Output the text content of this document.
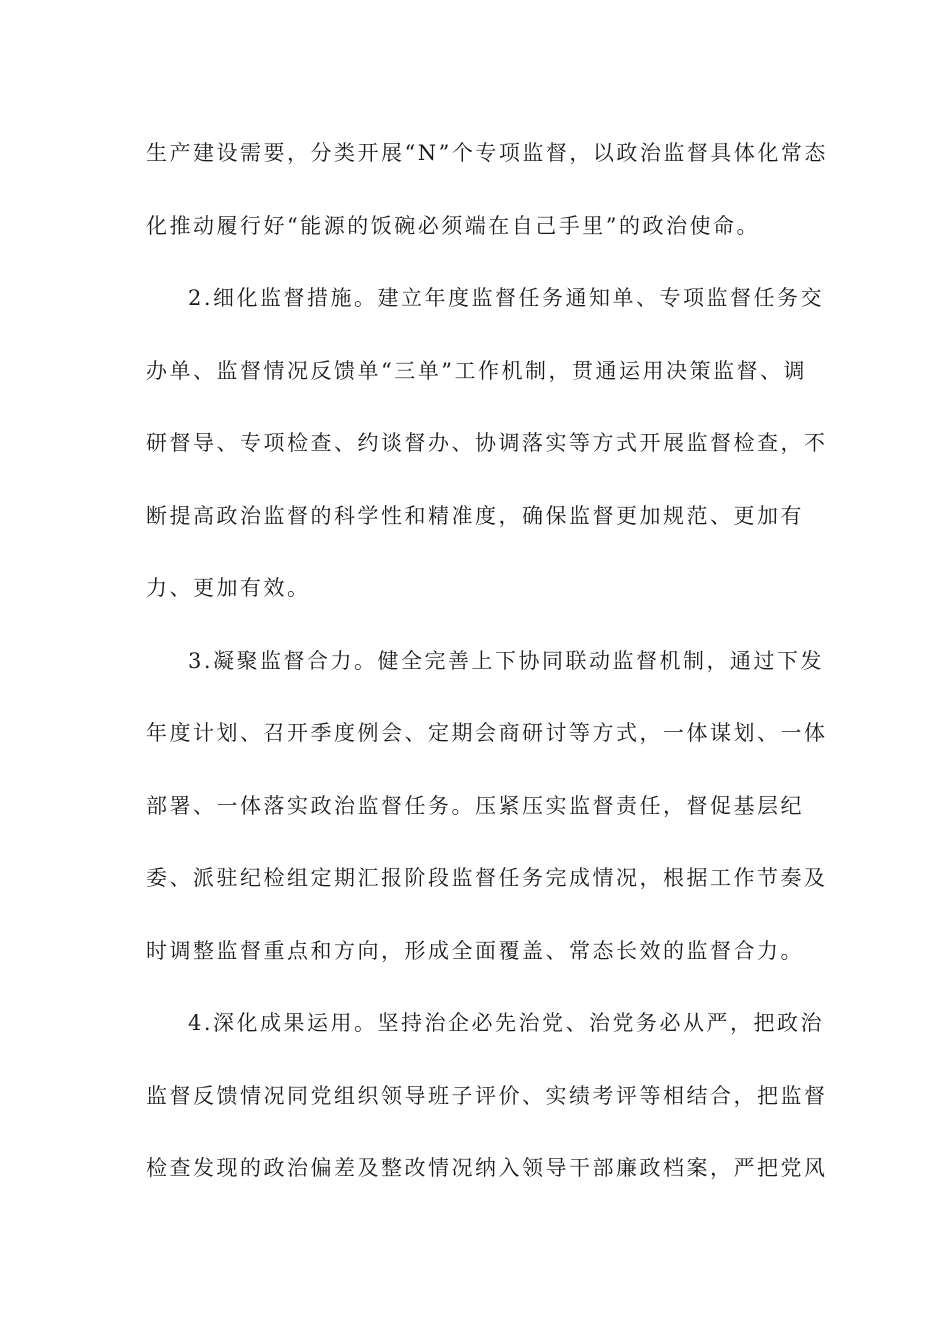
生产建设需要，分类开展“N”个专项监督，以政治监督具体化常态
化推动履行好“能源的饭碗必须端在自己手里”的政治使命。
2.细化监督措施。建立年度监督任务通知单、专项监督任务交
办单、监督情况反馈单“三单”工作机制，贯通运用决策监督、调
研督导、专项检查、约谈督办、协调落实等方式开展监督检查，不
断提高政治监督的科学性和精准度，确保监督更加规范、更加有
力、更加有效。
3.凝聚监督合力。健全完善上下协同联动监督机制，通过下发
年度计划、召开季度例会、定期会商研讨等方式，一体谋划、一体
部署、一体落实政治监督任务。压紧压实监督责任，督促基层纪
委、派驻纪检组定期汇报阶段监督任务完成情况，根据工作节奏及
时调整监督重点和方向，形成全面覆盖、常态长效的监督合力。
4.深化成果运用。坚持治企必先治党、治党务必从严，把政治
监督反馈情况同党组织领导班子评价、实绩考评等相结合，把监督
检查发现的政治偏差及整改情况纳入领导干部廉政档案，严把党风
